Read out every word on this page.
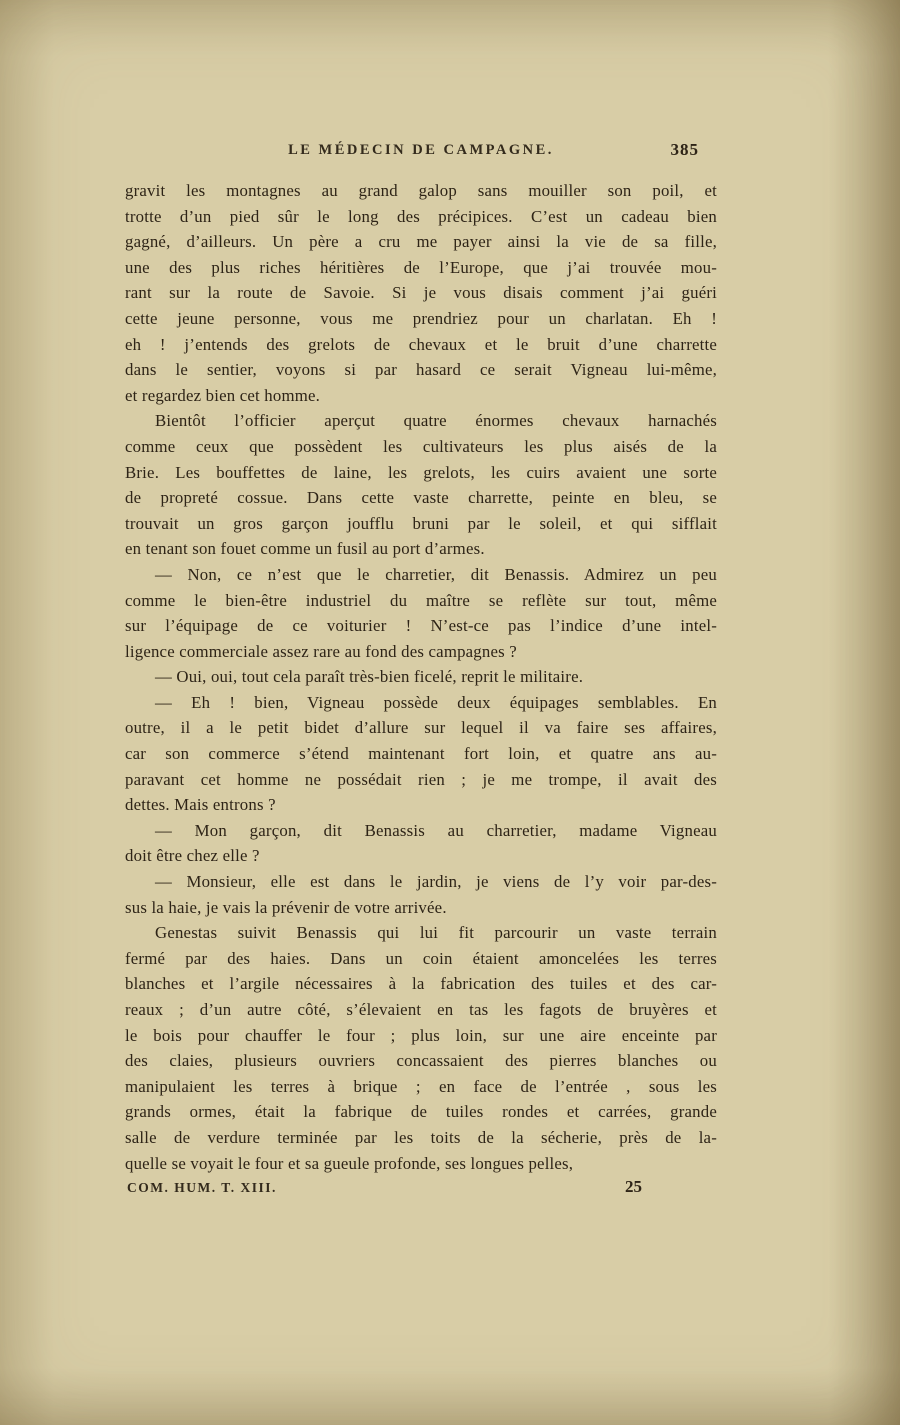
LE MÉDECIN DE CAMPAGNE.	385
gravit les montagnes au grand galop sans mouiller son poil, et
trotte d’un pied sûr le long des précipices. C’est un cadeau bien
gagné, d’ailleurs. Un père a cru me payer ainsi la vie de sa fille,
une des plus riches héritières de l’Europe, que j’ai trouvée mou-
rant sur la route de Savoie. Si je vous disais comment j’ai guéri
cette jeune personne, vous me prendriez pour un charlatan. Eh !
eh ! j’entends des grelots de chevaux et le bruit d’une charrette
dans le sentier, voyons si par hasard ce serait Vigneau lui-même,
et regardez bien cet homme.
Bientôt l’officier aperçut quatre énormes chevaux harnachés
comme ceux que possèdent les cultivateurs les plus aisés de la
Brie. Les bouffettes de laine, les grelots, les cuirs avaient une sorte
de propreté cossue. Dans cette vaste charrette, peinte en bleu, se
trouvait un gros garçon joufflu bruni par le soleil, et qui sifflait
en tenant son fouet comme un fusil au port d’armes.
— Non, ce n’est que le charretier, dit Benassis. Admirez un peu
comme le bien-être industriel du maître se reflète sur tout, même
sur l’équipage de ce voiturier ! N’est-ce pas l’indice d’une intel-
ligence commerciale assez rare au fond des campagnes ?
— Oui, oui, tout cela paraît très-bien ficelé, reprit le militaire.
— Eh ! bien, Vigneau possède deux équipages semblables. En
outre, il a le petit bidet d’allure sur lequel il va faire ses affaires,
car son commerce s’étend maintenant fort loin, et quatre ans au-
paravant cet homme ne possédait rien ; je me trompe, il avait des
dettes. Mais entrons ?
— Mon garçon, dit Benassis au charretier, madame Vigneau
doit être chez elle ?
— Monsieur, elle est dans le jardin, je viens de l’y voir par-des-
sus la haie, je vais la prévenir de votre arrivée.
Genestas suivit Benassis qui lui fit parcourir un vaste terrain
fermé par des haies. Dans un coin étaient amoncelées les terres
blanches et l’argile nécessaires à la fabrication des tuiles et des car-
reaux ; d’un autre côté, s’élevaient en tas les fagots de bruyères et
le bois pour chauffer le four ; plus loin, sur une aire enceinte par
des claies, plusieurs ouvriers concassaient des pierres blanches ou
manipulaient les terres à brique ; en face de l’entrée , sous les
grands ormes, était la fabrique de tuiles rondes et carrées, grande
salle de verdure terminée par les toits de la sécherie, près de la-
quelle se voyait le four et sa gueule profonde, ses longues pelles,
COM. HUM. T. XIII.	25
